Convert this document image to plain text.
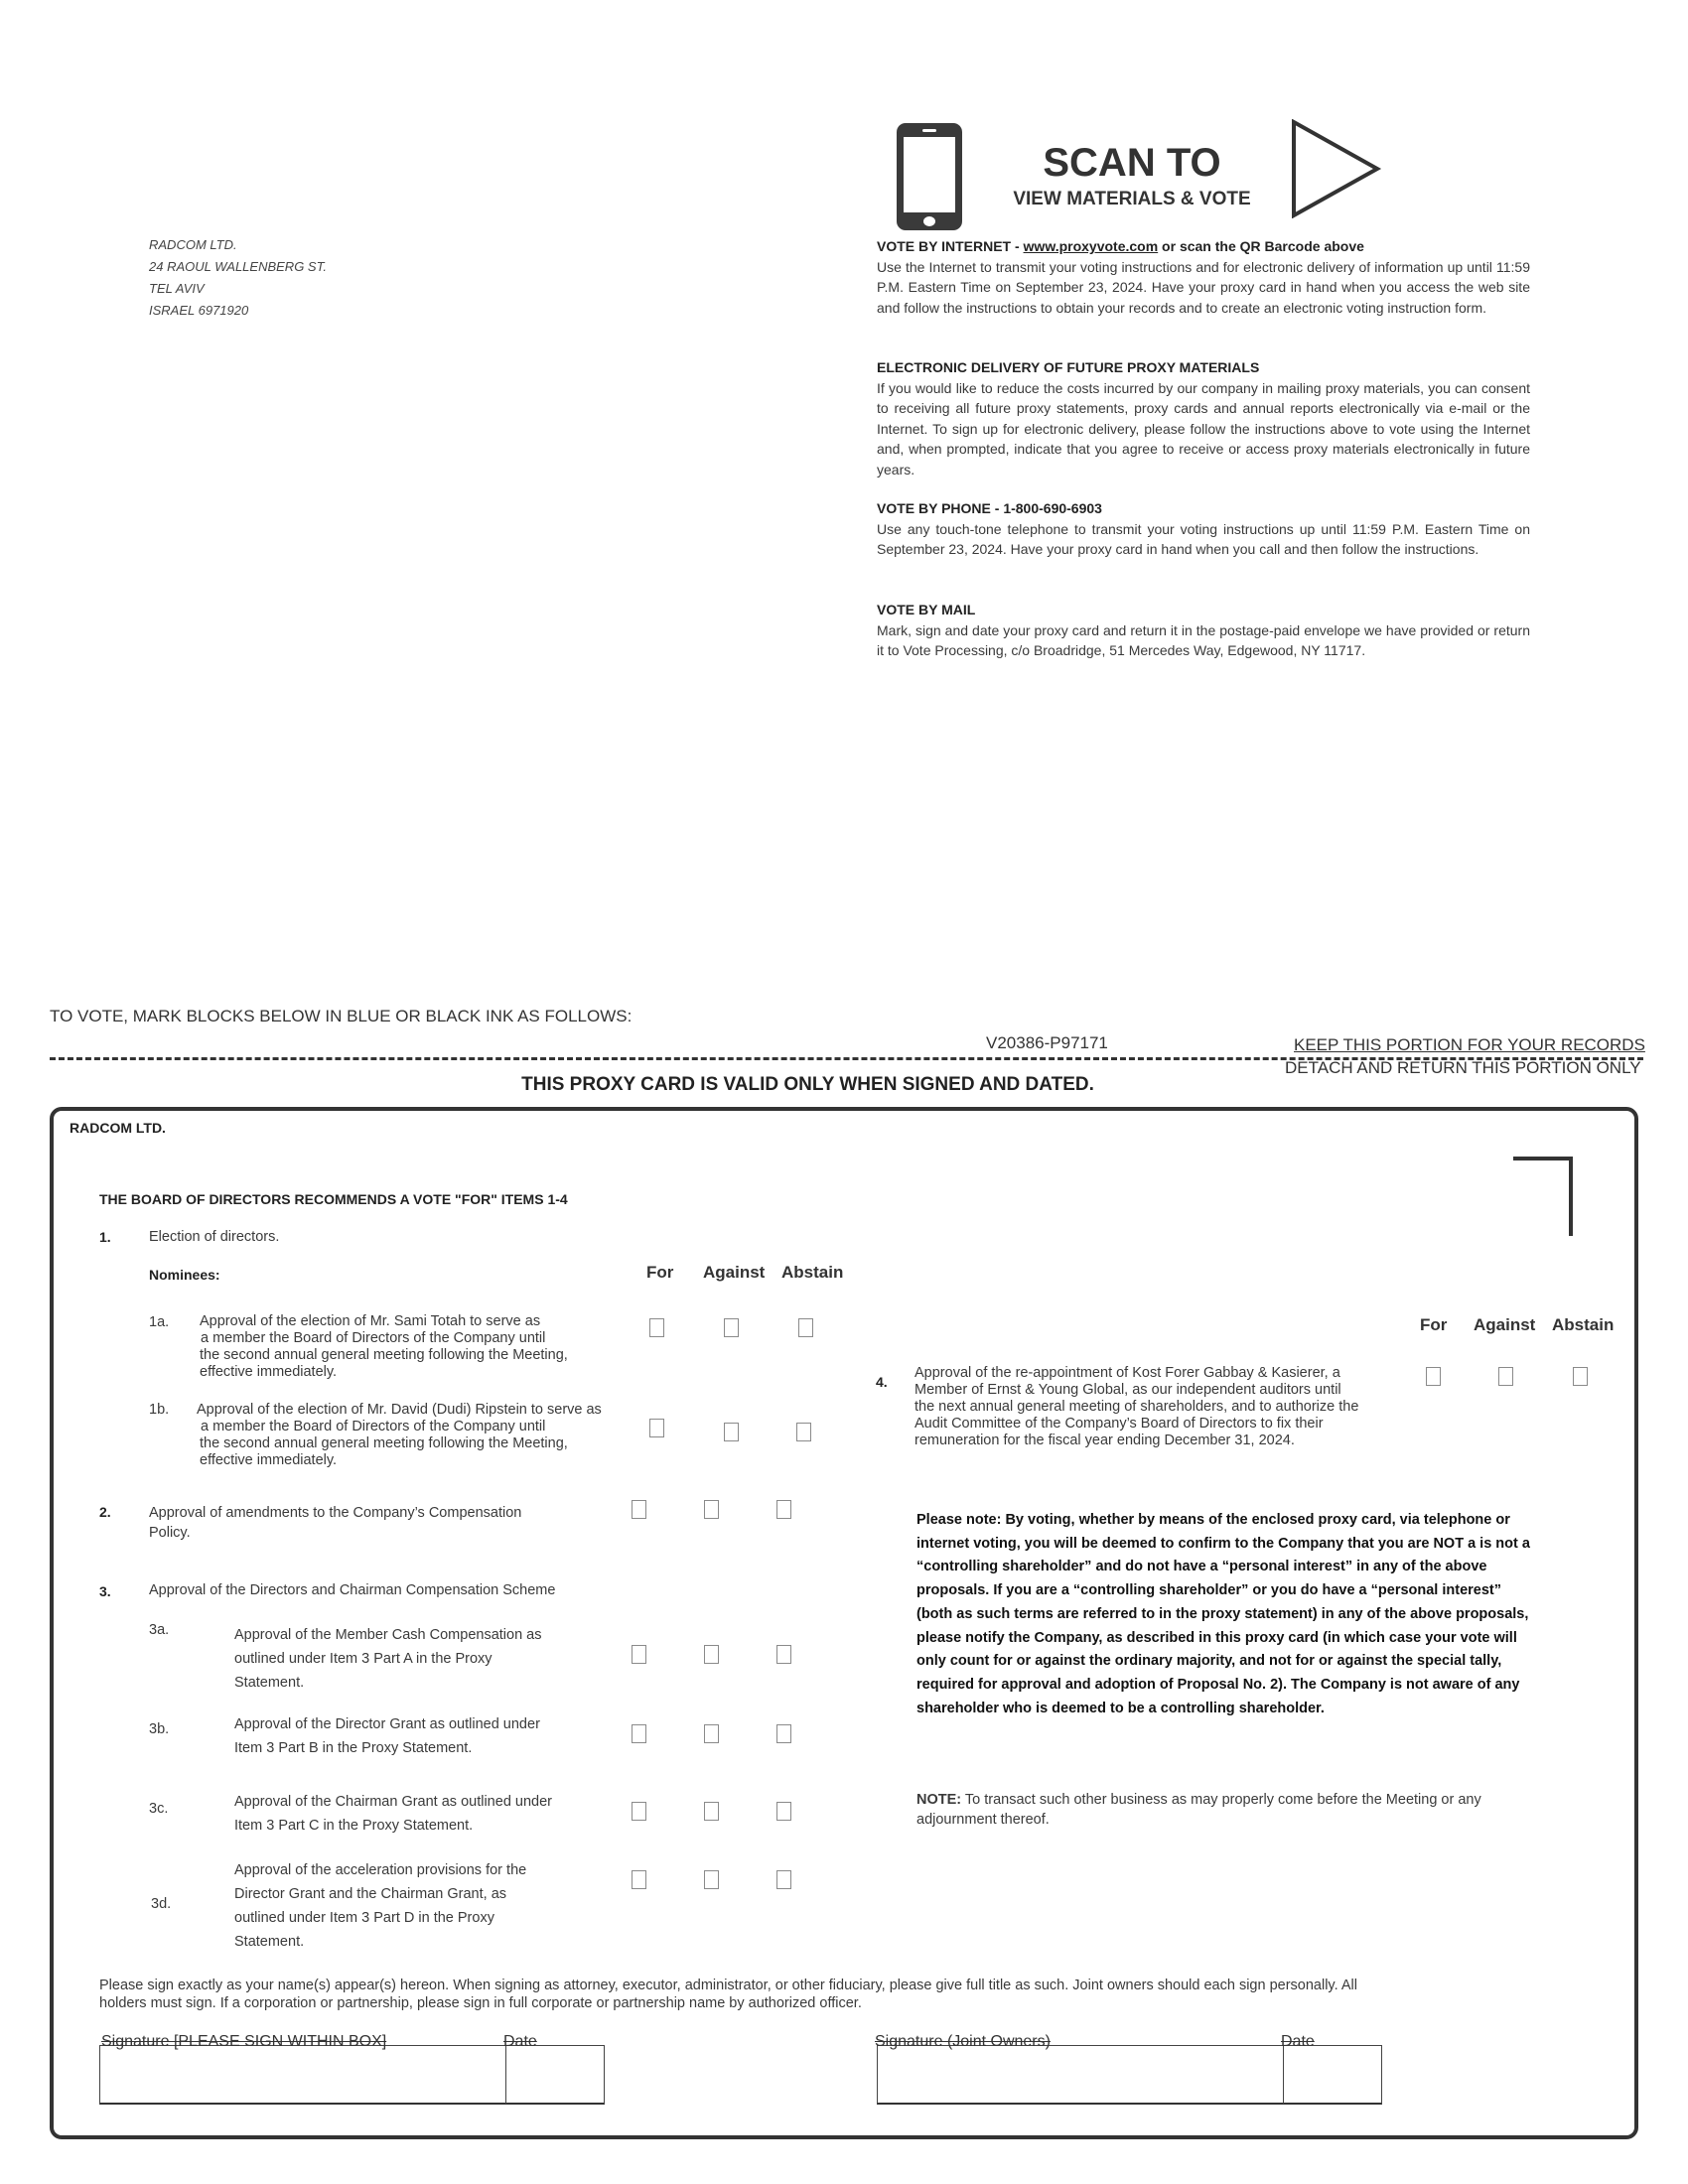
RADCOM LTD.
24 RAOUL WALLENBERG ST.
TEL AVIV
ISRAEL 6971920
SCAN TO
VIEW MATERIALS & VOTE
VOTE BY INTERNET - www.proxyvote.com or scan the QR Barcode above

Use the Internet to transmit your voting instructions and for electronic delivery of information up until 11:59 P.M. Eastern Time on September 23, 2024. Have your proxy card in hand when you access the web site and follow the instructions to obtain your records and to create an electronic voting instruction form.

ELECTRONIC DELIVERY OF FUTURE PROXY MATERIALS

If you would like to reduce the costs incurred by our company in mailing proxy materials, you can consent to receiving all future proxy statements, proxy cards and annual reports electronically via e-mail or the Internet. To sign up for electronic delivery, please follow the instructions above to vote using the Internet and, when prompted, indicate that you agree to receive or access proxy materials electronically in future years.

VOTE BY PHONE - 1-800-690-6903

Use any touch-tone telephone to transmit your voting instructions up until 11:59 P.M. Eastern Time on September 23, 2024. Have your proxy card in hand when you call and then follow the instructions.

VOTE BY MAIL

Mark, sign and date your proxy card and return it in the postage-paid envelope we have provided or return it to Vote Processing, c/o Broadridge, 51 Mercedes Way, Edgewood, NY 11717.

TO VOTE, MARK BLOCKS BELOW IN BLUE OR BLACK INK AS FOLLOWS:
V20386-P97171	KEEP THIS PORTION FOR YOUR RECORDS
DETACH AND RETURN THIS PORTION ONLY
THIS PROXY CARD IS VALID ONLY WHEN SIGNED AND DATED.
RADCOM LTD.
THE BOARD OF DIRECTORS RECOMMENDS A VOTE "FOR" ITEMS 1-4
1.	Election of directors.
Nominees:	For Against Abstain
1a. Approval of the election of Mr. Sami Totah to serve as
a member the Board of Directors of the Company until
the second annual general meeting following the Meeting,
effective immediately.
1b. Approval of the election of Mr. David (Dudi) Ripstein to serve as
a member the Board of Directors of the Company until
the second annual general meeting following the Meeting,
effective immediately.
2.	Approval of amendments to the Company’s Compensation
Policy.
3.	Approval of the Directors and Chairman Compensation Scheme
3a.	Approval of the Member Cash Compensation as
outlined under Item 3 Part A in the Proxy
Statement.
3b.	Approval of the Director Grant as outlined under
Item 3 Part B in the Proxy Statement.
3c.	Approval of the Chairman Grant as outlined under
Item 3 Part C in the Proxy Statement.
3d.
Approval of the acceleration provisions for the
Director Grant and the Chairman Grant, as
outlined under Item 3 Part D in the Proxy
Statement.
For Against Abstain
4.
Approval of the re-appointment of Kost Forer Gabbay & Kasierer, a
Member of Ernst & Young Global, as our independent auditors until
the next annual general meeting of shareholders, and to authorize the
Audit Committee of the Company’s Board of Directors to fix their
remuneration for the fiscal year ending December 31, 2024.
Please note: By voting, whether by means of the enclosed proxy card, via telephone or internet voting, you will be deemed to confirm to the Company that you are NOT a is not a “controlling shareholder” and do not have a “personal interest” in any of the above proposals. If you are a “controlling shareholder” or you do have a “personal interest” (both as such terms are referred to in the proxy statement) in any of the above proposals, please notify the Company, as described in this proxy card (in which case your vote will only count for or against the ordinary majority, and not for or against the special tally, required for approval and adoption of Proposal No. 2). The Company is not aware of any shareholder who is deemed to be a controlling shareholder.
NOTE: To transact such other business as may properly come before the Meeting or any adjournment thereof.
Please sign exactly as your name(s) appear(s) hereon. When signing as attorney, executor, administrator, or other fiduciary, please give full title as such. Joint owners should each sign personally. All holders must sign. If a corporation or partnership, please sign in full corporate or partnership name by authorized officer.
Signature [PLEASE SIGN WITHIN BOX]	Date	Signature (Joint Owners)	Date
